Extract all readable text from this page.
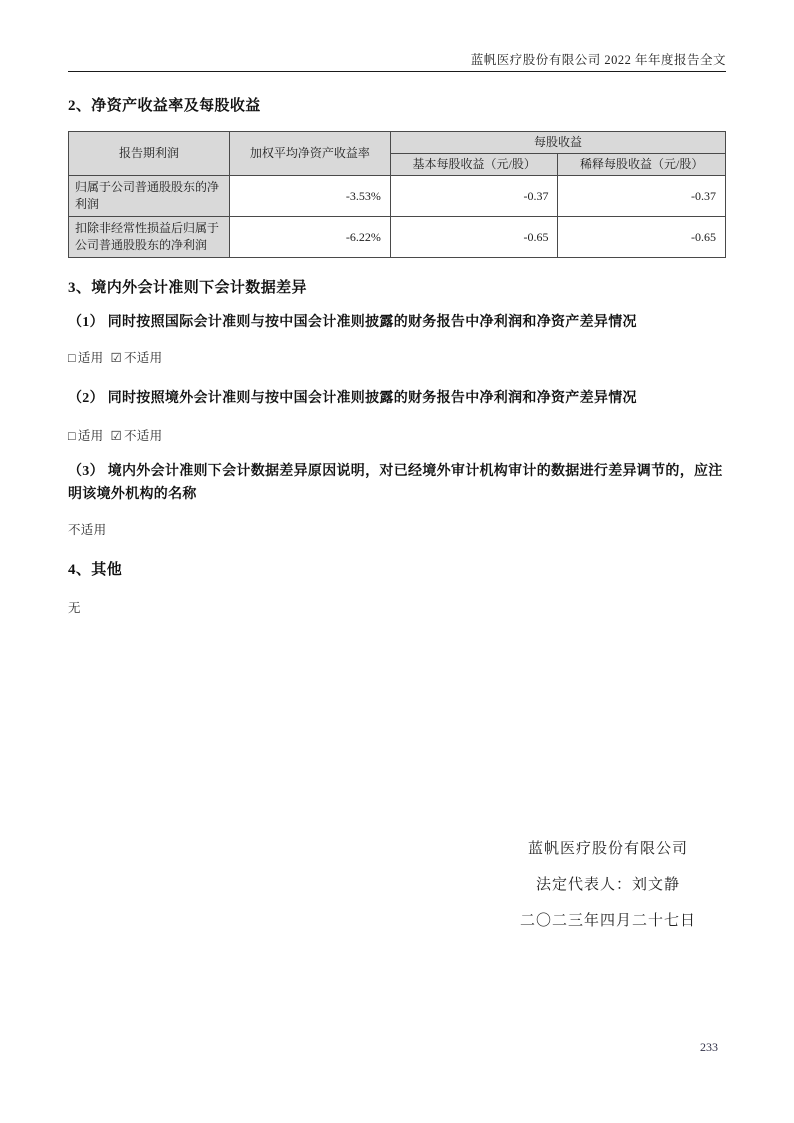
蓝帆医疗股份有限公司 2022 年年度报告全文
2、净资产收益率及每股收益
报告期利润	加权平均净资产收益率	每股收益	
		基本每股收益（元/股）	稀释每股收益（元/股）
归属于公司普通股股东的净利润	-3.53%	-0.37	-0.37
扣除非经常性损益后归属于公司普通股股东的净利润	-6.22%	-0.65	-0.65
3、境内外会计准则下会计数据差异
（1） 同时按照国际会计准则与按中国会计准则披露的财务报告中净利润和净资产差异情况
□ 适用 ☑ 不适用
（2） 同时按照境外会计准则与按中国会计准则披露的财务报告中净利润和净资产差异情况
□ 适用 ☑ 不适用
（3） 境内外会计准则下会计数据差异原因说明，对已经境外审计机构审计的数据进行差异调节的，应注明该境外机构的名称
不适用
4、其他
无
蓝帆医疗股份有限公司
法定代表人：刘文静
二〇二三年四月二十七日
233
